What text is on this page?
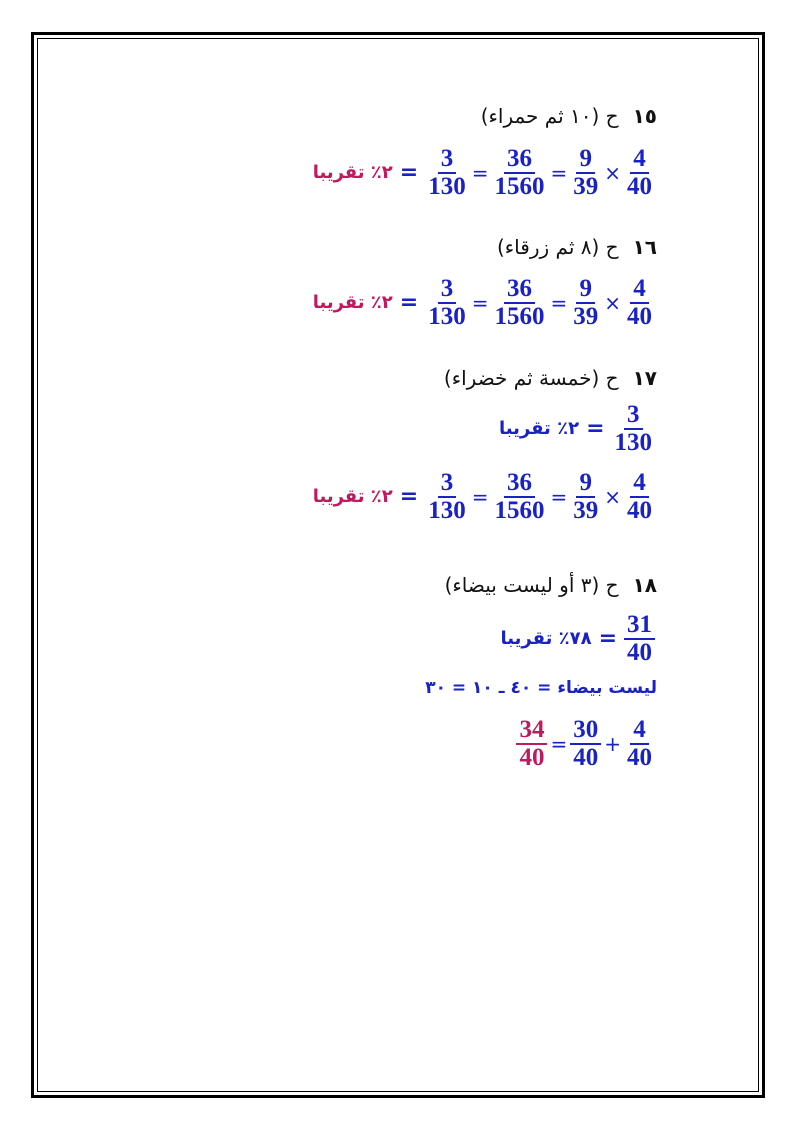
١٥ح (١٠ ثم حمراء)
٢٪ تقريبا = $\frac{3}{130} = \frac{36}{1560} = \frac{9}{39} \times \frac{4}{40}$
١٦ح (٨ ثم زرقاء)
٢٪ تقريبا = $\frac{3}{130} = \frac{36}{1560} = \frac{9}{39} \times \frac{4}{40}$
١٧ح (خمسة ثم خضراء)
٢٪ تقريبا = $\frac{3}{130}$
٢٪ تقريبا = $\frac{3}{130} = \frac{36}{1560} = \frac{9}{39} \times \frac{4}{40}$
١٨ح (٣ أو ليست بيضاء)
٧٨٪ تقريبا = $\frac{31}{40}$
ليست بيضاء = ٤٠ ـ ١٠ = ٣٠
$\frac{34}{40} = \frac{30}{40} + \frac{4}{40}$
